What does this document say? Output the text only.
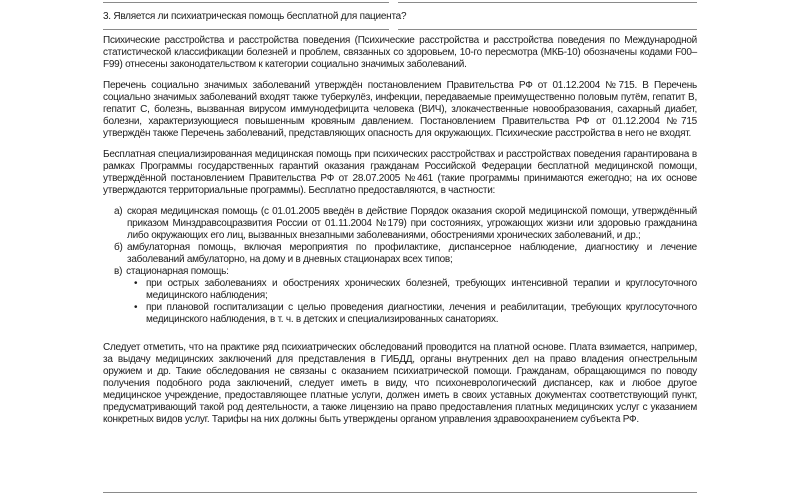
3. Является ли психиатрическая помощь бесплатной для пациента?

Психические расстройства и расстройства поведения (Психические расстройства и расстройства поведения по Международной статистической классификации болезней и проблем, связанных со здоровьем, 10-го пересмотра (МКБ-10) обозначены кодами F00–F99) отнесены законодательством к категории социально значимых заболеваний.

Перечень социально значимых заболеваний утверждён постановлением Правительства РФ от 01.12.2004 №715. В Перечень социально значимых заболеваний входят также туберкулёз, инфекции, передаваемые преимущественно половым путём, гепатит В, гепатит С, болезнь, вызванная вирусом иммунодефицита человека (ВИЧ), злокачественные новообразования, сахарный диабет, болезни, характеризующиеся повышенным кровяным давлением. Постановлением Правительства РФ от 01.12.2004 №715 утверждён также Перечень заболеваний, представляющих опасность для окружающих. Психические расстройства в него не входят.

Бесплатная специализированная медицинская помощь при психических расстройствах и расстройствах поведения гарантирована в рамках Программы государственных гарантий оказания гражданам Российской Федерации бесплатной медицинской помощи, утверждённой постановлением Правительства РФ от 28.07.2005 №461 (такие программы принимаются ежегодно; на их основе утверждаются территориальные программы). Бесплатно предоставляются, в частности:

а) скорая медицинская помощь (с 01.01.2005 введён в действие Порядок оказания скорой медицинской помощи, утверждённый приказом Минздравсоцразвития России от 01.11.2004 №179) при состояниях, угрожающих жизни или здоровью гражданина либо окружающих его лиц, вызванных внезапными заболеваниями, обострениями хронических заболеваний, и др.;
б) амбулаторная помощь, включая мероприятия по профилактике, диспансерное наблюдение, диагностику и лечение заболеваний амбулаторно, на дому и в дневных стационарах всех типов;
в) стационарная помощь:
• при острых заболеваниях и обострениях хронических болезней, требующих интенсивной терапии и круглосуточного медицинского наблюдения;
• при плановой госпитализации с целью проведения диагностики, лечения и реабилитации, требующих круглосуточного медицинского наблюдения, в т. ч. в детских и специализированных санаториях.

Следует отметить, что на практике ряд психиатрических обследований проводится на платной основе. Плата взимается, например, за выдачу медицинских заключений для представления в ГИБДД, органы внутренних дел на право владения огнестрельным оружием и др. Такие обследования не связаны с оказанием психиатрической помощи. Гражданам, обращающимся по поводу получения подобного рода заключений, следует иметь в виду, что психоневрологический диспансер, как и любое другое медицинское учреждение, предоставляющее платные услуги, должен иметь в своих уставных документах соответствующий пункт, предусматривающий такой род деятельности, а также лицензию на право предоставления платных медицинских услуг с указанием конкретных видов услуг. Тарифы на них должны быть утверждены органом управления здравоохранением субъекта РФ.
